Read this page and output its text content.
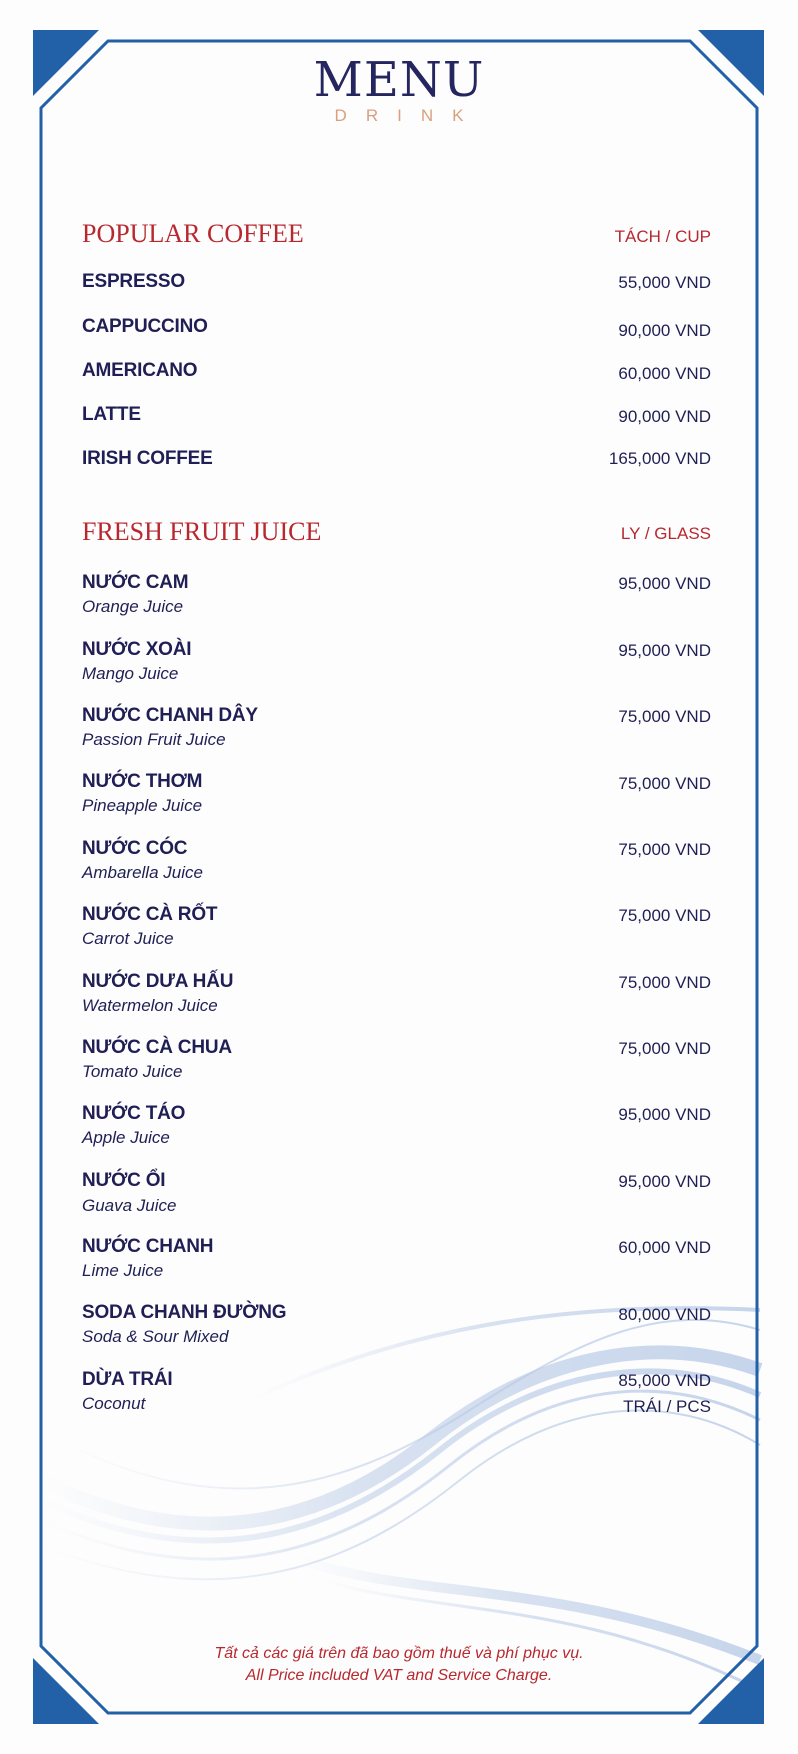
MENU
DRINK
POPULAR COFFEE	TÁCH / CUP
ESPRESSO	55,000 VND
CAPPUCCINO	90,000 VND
AMERICANO	60,000 VND
LATTE	90,000 VND
IRISH COFFEE	165,000 VND
FRESH FRUIT JUICE	LY / GLASS
NƯỚC CAM
Orange Juice
95,000 VND
NƯỚC XOÀI
Mango Juice
95,000 VND
NƯỚC CHANH DÂY
Passion Fruit Juice
75,000 VND
NƯỚC THƠM
Pineapple Juice
75,000 VND
NƯỚC CÓC
Ambarella Juice
75,000 VND
NƯỚC CÀ RỐT
Carrot Juice
75,000 VND
NƯỚC DƯA HẤU
Watermelon Juice
75,000 VND
NƯỚC CÀ CHUA
Tomato Juice
75,000 VND
NƯỚC TÁO
Apple Juice
95,000 VND
NƯỚC ỔI
Guava Juice
95,000 VND
NƯỚC CHANH
Lime Juice
60,000 VND
SODA CHANH ĐƯỜNG
Soda & Sour Mixed
80,000 VND
DỪA TRÁI
Coconut
85,000 VND
TRÁI / PCS
Tất cả các giá trên đã bao gồm thuế và phí phục vụ.
All Price included VAT and Service Charge.
